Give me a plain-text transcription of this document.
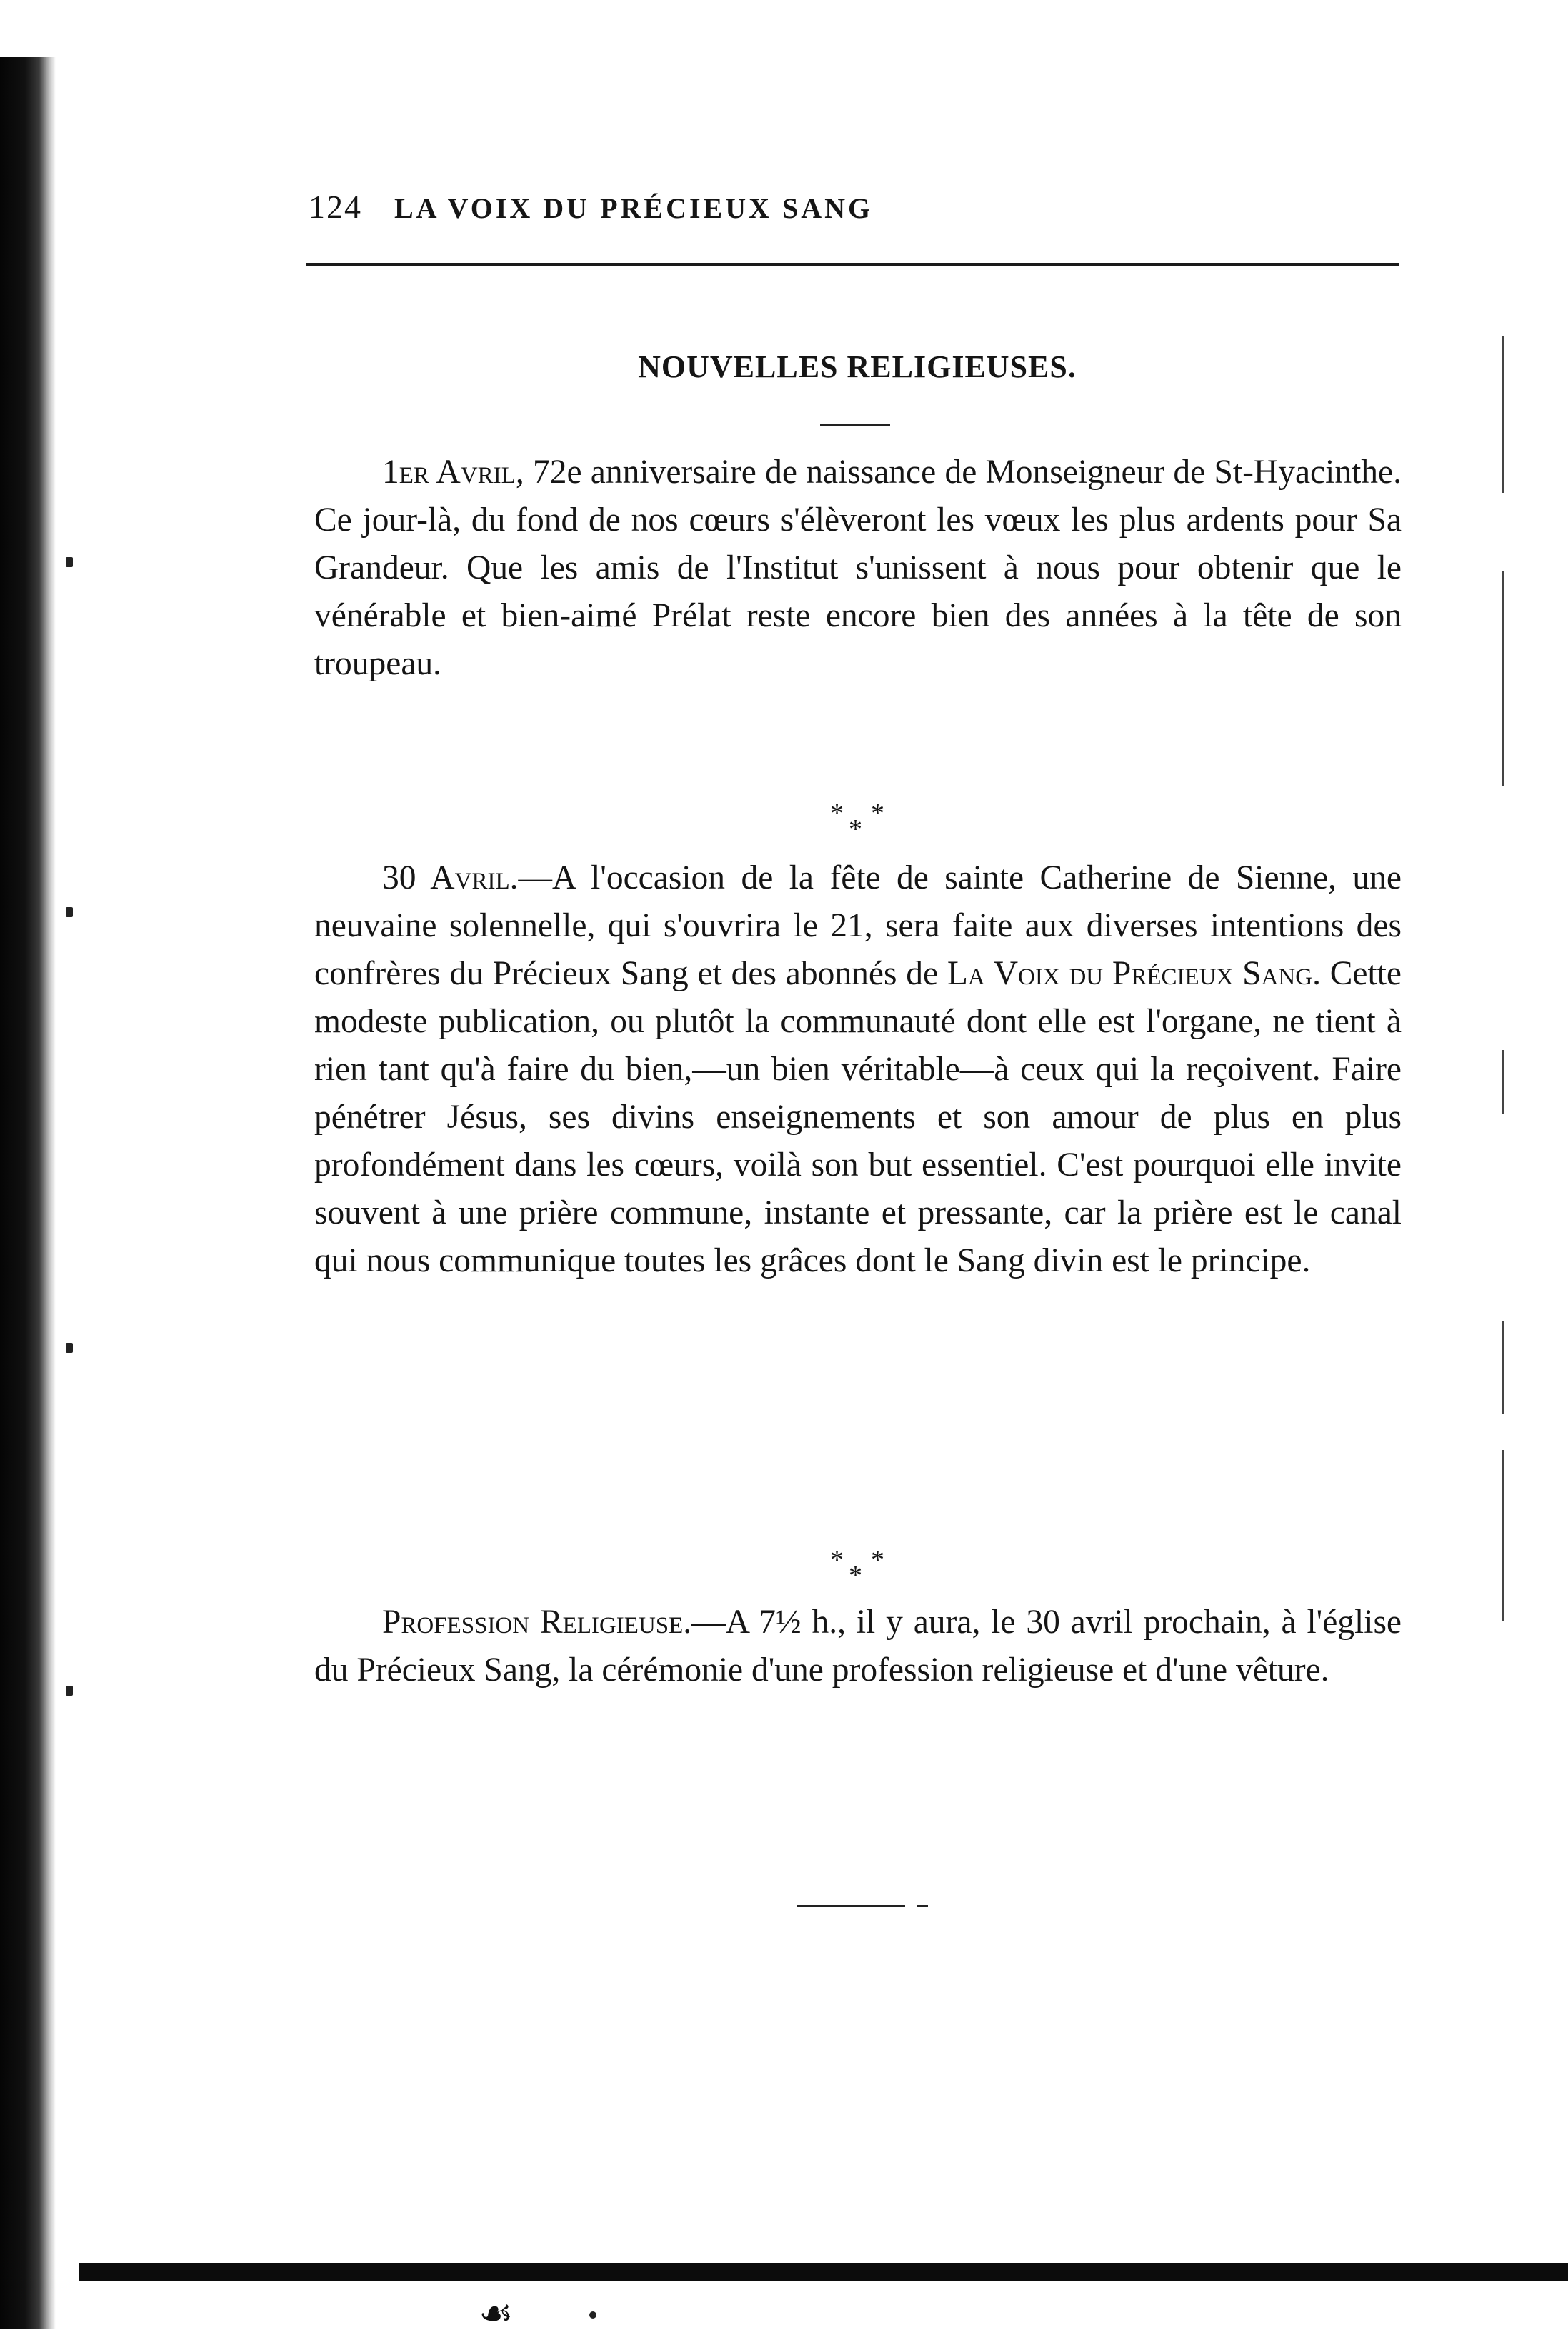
124 LA VOIX DU PRÉCIEUX SANG
NOUVELLES RELIGIEUSES.
1er Avril, 72e anniversaire de naissance de Monseigneur de St-Hyacinthe. Ce jour-là, du fond de nos cœurs s'élèveront les vœux les plus ardents pour Sa Grandeur. Que les amis de l'Institut s'unissent à nous pour obtenir que le vénérable et bien-aimé Prélat reste encore bien des années à la tête de son troupeau.
* *
*
30 Avril.—A l'occasion de la fête de sainte Catherine de Sienne, une neuvaine solennelle, qui s'ouvrira le 21, sera faite aux diverses intentions des confrères du Précieux Sang et des abonnés de La Voix du Précieux Sang. Cette modeste publication, ou plutôt la communauté dont elle est l'organe, ne tient à rien tant qu'à faire du bien,—un bien véritable—à ceux qui la reçoivent. Faire pénétrer Jésus, ses divins enseignements et son amour de plus en plus profondément dans les cœurs, voilà son but essentiel. C'est pourquoi elle invite souvent à une prière commune, instante et pressante, car la prière est le canal qui nous communique toutes les grâces dont le Sang divin est le principe.
* *
*
Profession Religieuse.—A 7½ h., il y aura, le 30 avril prochain, à l'église du Précieux Sang, la cérémonie d'une profession religieuse et d'une vêture.
☙
